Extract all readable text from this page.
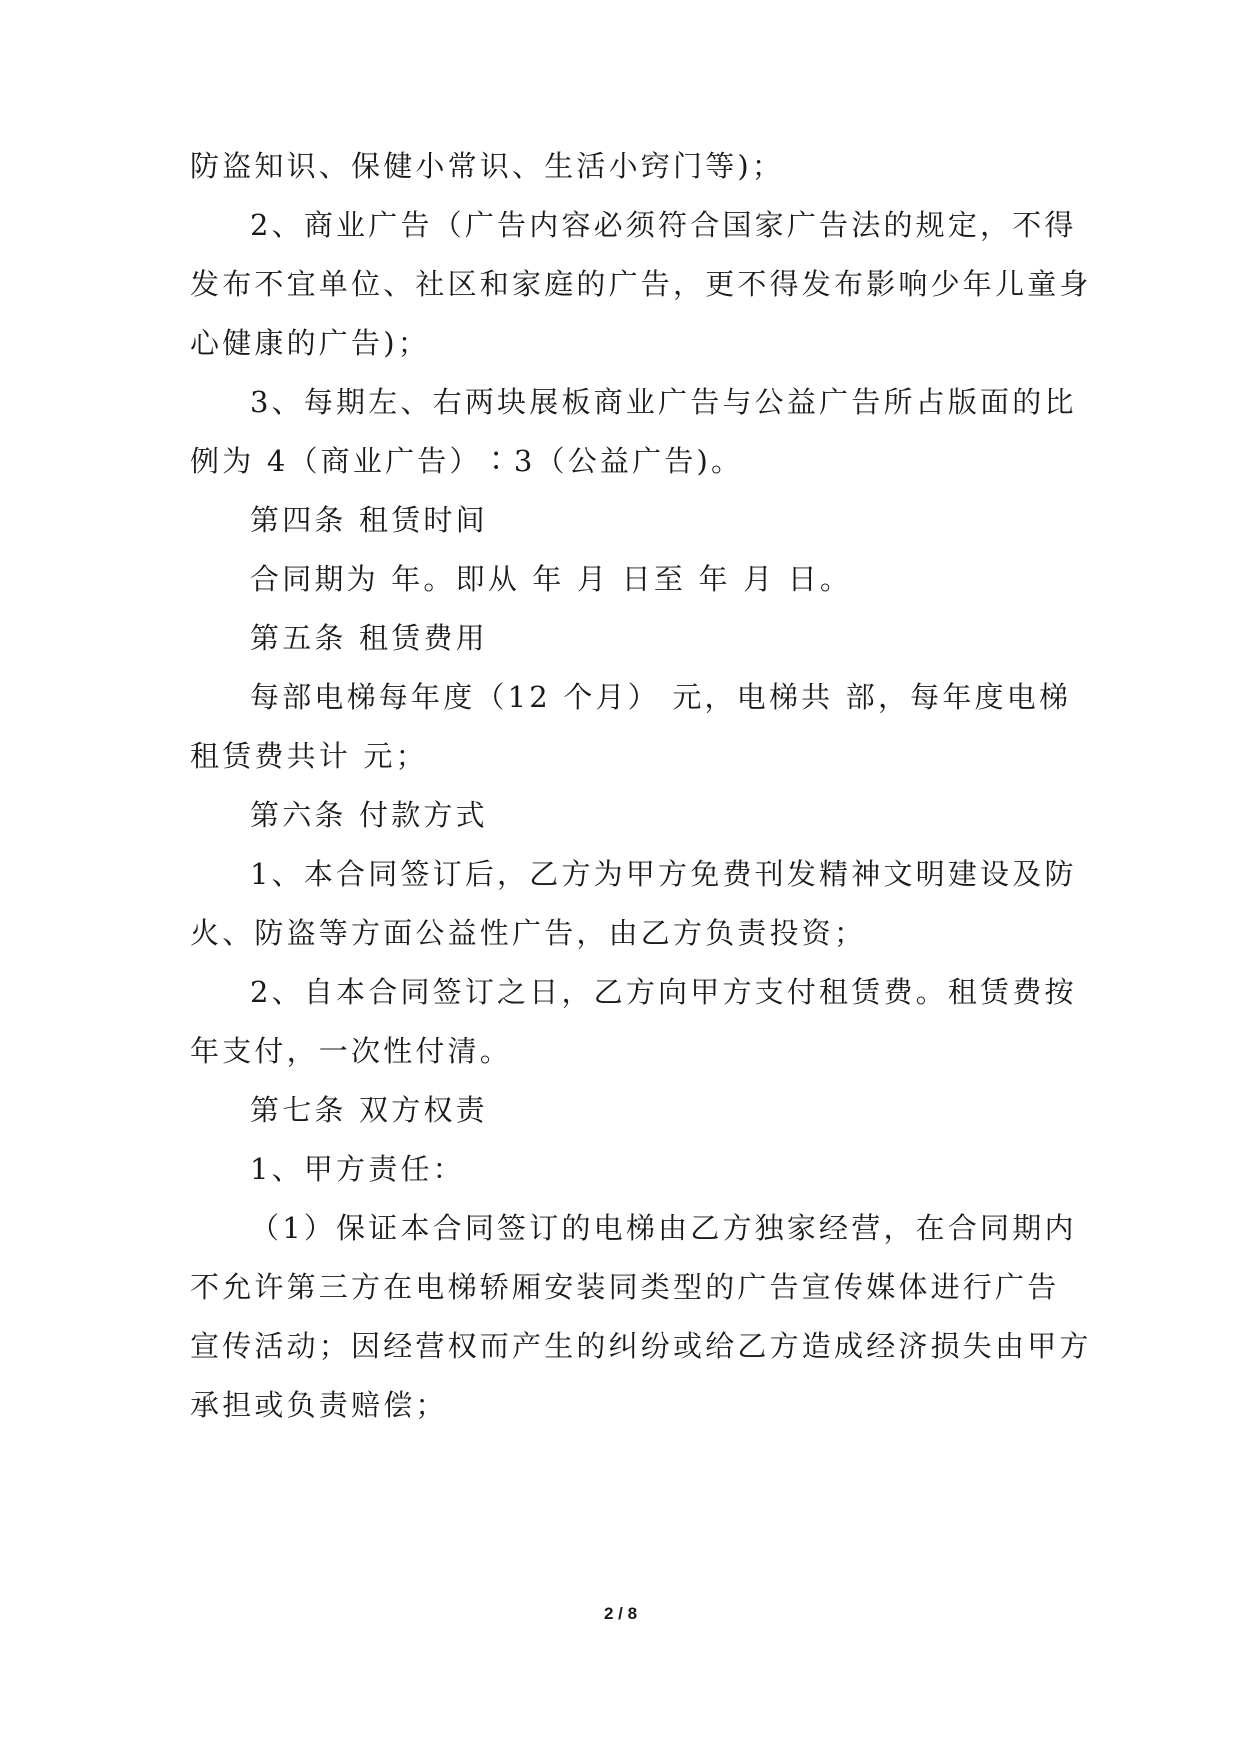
防盗知识、保健小常识、生活小窍门等)；
2、商业广告（广告内容必须符合国家广告法的规定，不得
发布不宜单位、社区和家庭的广告，更不得发布影响少年儿童身
心健康的广告)；
3、每期左、右两块展板商业广告与公益广告所占版面的比
例为 4（商业广告）∶3（公益广告)。
第四条 租赁时间
合同期为 年。即从 年 月 日至 年 月 日。
第五条 租赁费用
每部电梯每年度（12 个月） 元，电梯共 部，每年度电梯
租赁费共计 元；
第六条 付款方式
1、本合同签订后，乙方为甲方免费刊发精神文明建设及防
火、防盗等方面公益性广告，由乙方负责投资；
2、自本合同签订之日，乙方向甲方支付租赁费。租赁费按
年支付，一次性付清。
第七条 双方权责
1、甲方责任：
（1）保证本合同签订的电梯由乙方独家经营，在合同期内
不允许第三方在电梯轿厢安装同类型的广告宣传媒体进行广告
宣传活动；因经营权而产生的纠纷或给乙方造成经济损失由甲方
承担或负责赔偿；
2 / 8
